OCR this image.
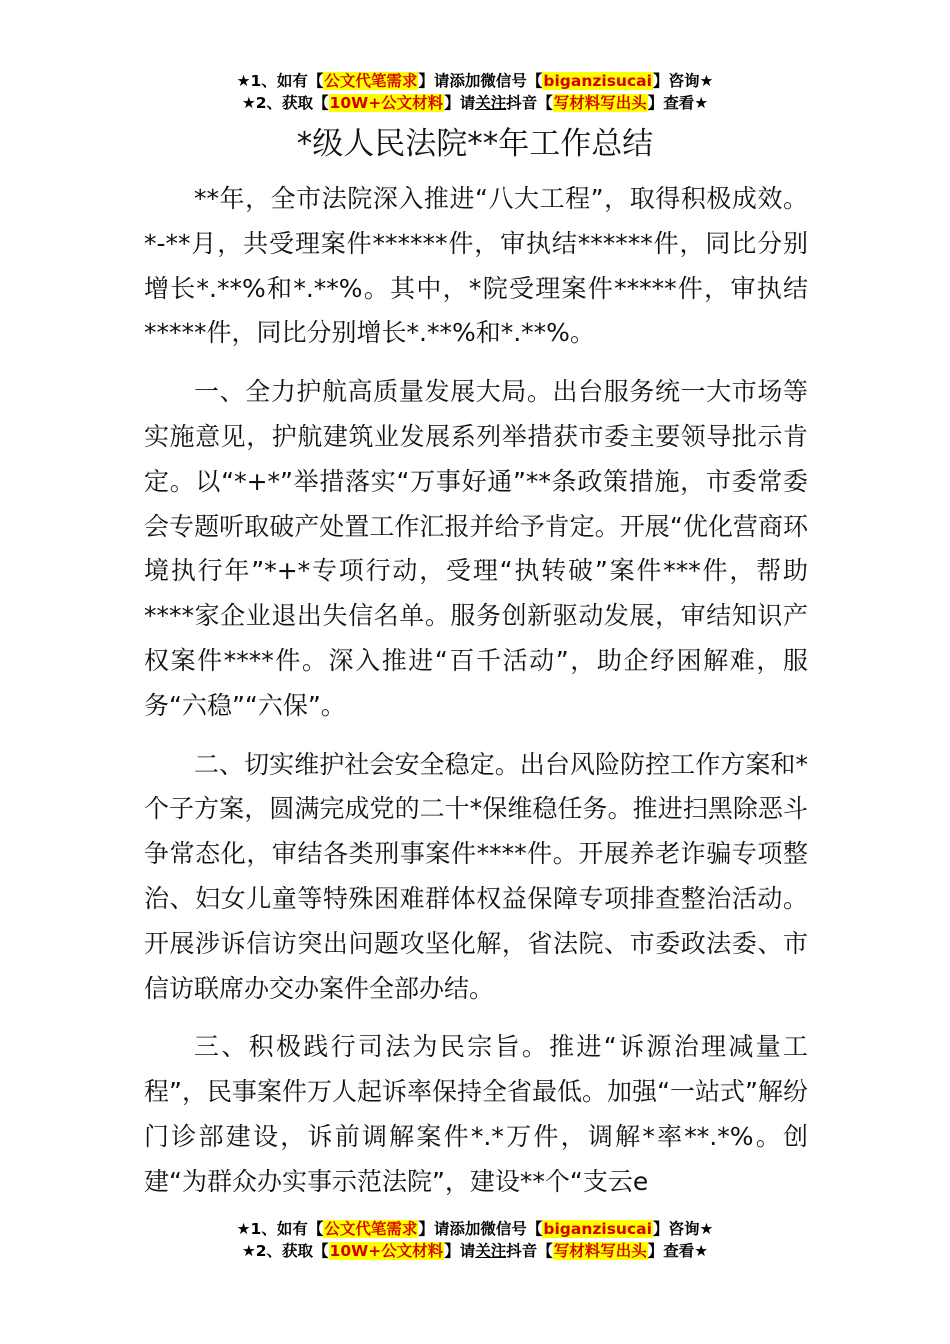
★1、如有【公文代笔需求】请添加微信号【biganzisucai】咨询★
★2、获取【10W+公文材料】请关注抖音【写材料写出头】查看★
*级人民法院**年工作总结

**年，全市法院深入推进“八大工程”，取得积极成效。*-**月，共受理案件******件，审执结******件，同比分别增长*.**%和*.**%。其中，*院受理案件*****件，审执结*****件，同比分别增长*.**%和*.**%。

一、全力护航高质量发展大局。出台服务统一大市场等实施意见，护航建筑业发展系列举措获市委主要领导批示肯定。以“*+*”举措落实“万事好通”**条政策措施，市委常委会专题听取破产处置工作汇报并给予肯定。开展“优化营商环境执行年”*+*专项行动，受理“执转破”案件***件，帮助****家企业退出失信名单。服务创新驱动发展，审结知识产权案件****件。深入推进“百千活动”，助企纾困解难，服务“六稳”“六保”。

二、切实维护社会安全稳定。出台风险防控工作方案和*个子方案，圆满完成党的二十*保维稳任务。推进扫黑除恶斗争常态化，审结各类刑事案件****件。开展养老诈骗专项整治、妇女儿童等特殊困难群体权益保障专项排查整治活动。开展涉诉信访突出问题攻坚化解，省法院、市委政法委、市信访联席办交办案件全部办结。

三、积极践行司法为民宗旨。推进“诉源治理减量工程”，民事案件万人起诉率保持全省最低。加强“一站式”解纷门诊部建设，诉前调解案件*.*万件，调解*率**.*%。创建“为群众办实事示范法院”，建设**个“支云e

★1、如有【公文代笔需求】请添加微信号【biganzisucai】咨询★
★2、获取【10W+公文材料】请关注抖音【写材料写出头】查看★
